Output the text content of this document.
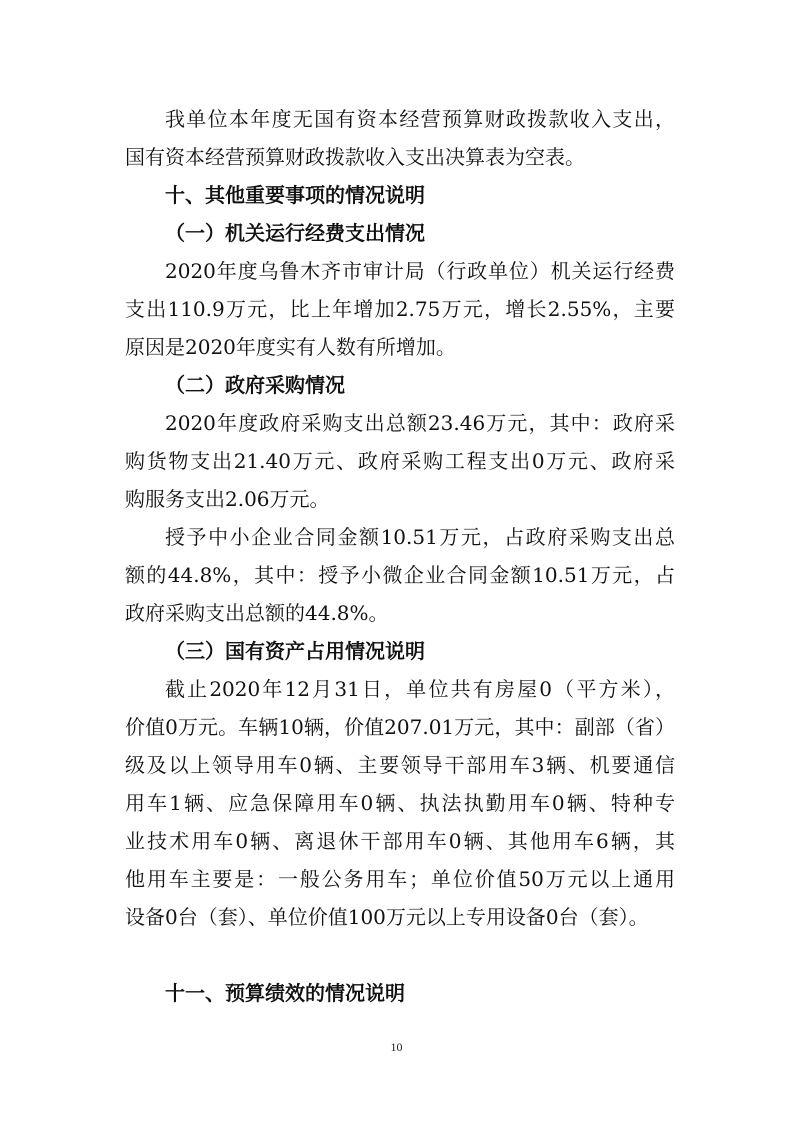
我单位本年度无国有资本经营预算财政拨款收入支出，
国有资本经营预算财政拨款收入支出决算表为空表。
十、其他重要事项的情况说明
（一）机关运行经费支出情况
2020年度乌鲁木齐市审计局（行政单位）机关运行经费
支出110.9万元，比上年增加2.75万元，增长2.55%，主要
原因是2020年度实有人数有所增加。
（二）政府采购情况
2020年度政府采购支出总额23.46万元，其中：政府采
购货物支出21.40万元、政府采购工程支出0万元、政府采
购服务支出2.06万元。
授予中小企业合同金额10.51万元，占政府采购支出总
额的44.8%，其中：授予小微企业合同金额10.51万元，占
政府采购支出总额的44.8%。
（三）国有资产占用情况说明
截止2020年12月31日，单位共有房屋0（平方米），
价值0万元。车辆10辆，价值207.01万元，其中：副部（省）
级及以上领导用车0辆、主要领导干部用车3辆、机要通信
用车1辆、应急保障用车0辆、执法执勤用车0辆、特种专
业技术用车0辆、离退休干部用车0辆、其他用车6辆，其
他用车主要是：一般公务用车；单位价值50万元以上通用
设备0台（套）、单位价值100万元以上专用设备0台（套）。
十一、预算绩效的情况说明
10
